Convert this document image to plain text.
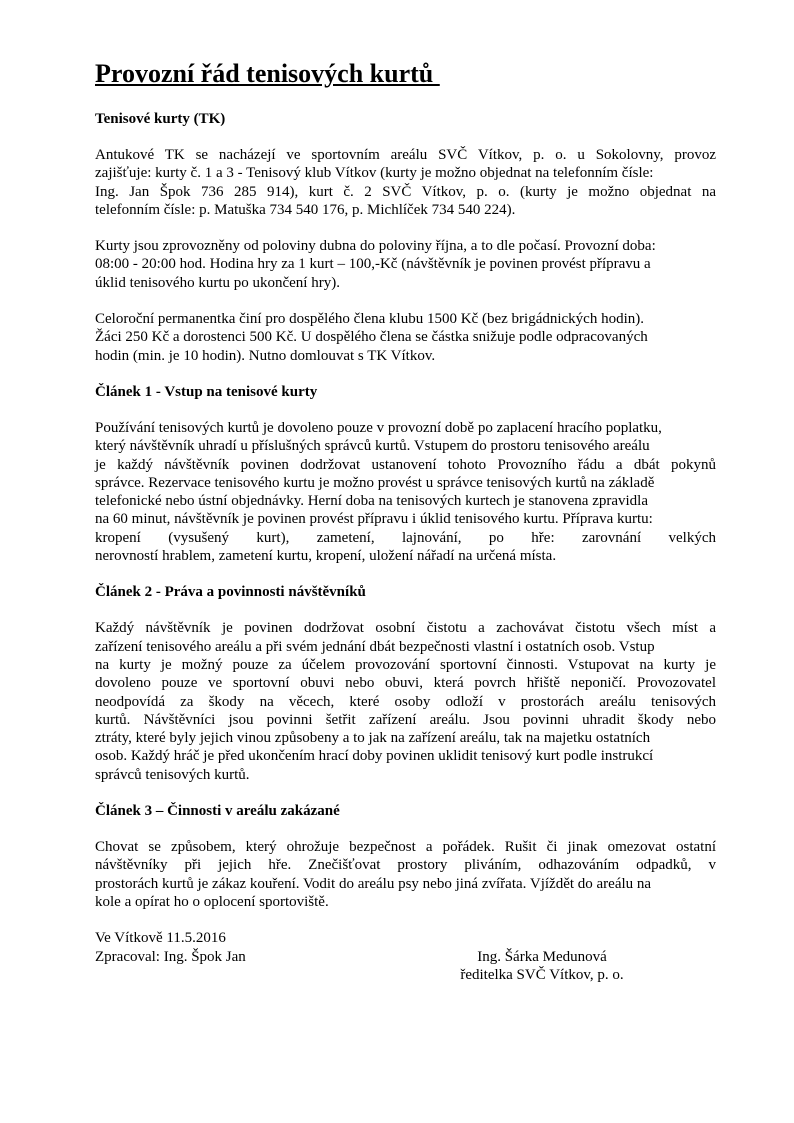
Provozní řád tenisových kurtů
Tenisové kurty (TK)
Antukové TK se nacházejí ve sportovním areálu SVČ Vítkov, p. o. u Sokolovny, provoz
zajišťuje: kurty č. 1 a 3 - Tenisový klub Vítkov (kurty je možno objednat na telefonním čísle:
Ing. Jan Špok 736 285 914), kurt č. 2 SVČ Vítkov, p. o. (kurty je možno objednat na
telefonním čísle: p. Matuška 734 540 176, p. Michlíček 734 540 224).
Kurty jsou zprovozněny od poloviny dubna do poloviny října, a to dle počasí. Provozní doba:
08:00 - 20:00 hod. Hodina hry za 1 kurt – 100,-Kč (návštěvník je povinen provést přípravu a
úklid tenisového kurtu po ukončení hry).
Celoroční permanentka činí pro dospělého člena klubu 1500 Kč (bez brigádnických hodin).
Žáci 250 Kč a dorostenci 500 Kč. U dospělého člena se částka snižuje podle odpracovaných
hodin (min. je 10 hodin). Nutno domlouvat s TK Vítkov.
Článek 1 - Vstup na tenisové kurty
Používání tenisových kurtů je dovoleno pouze v provozní době po zaplacení hracího poplatku,
který návštěvník uhradí u příslušných správců kurtů. Vstupem do prostoru tenisového areálu
je každý návštěvník povinen dodržovat ustanovení tohoto Provozního řádu a dbát pokynů
správce. Rezervace tenisového kurtu je možno provést u správce tenisových kurtů na základě
telefonické nebo ústní objednávky. Herní doba na tenisových kurtech je stanovena zpravidla
na 60 minut, návštěvník je povinen provést přípravu i úklid tenisového kurtu. Příprava kurtu:
kropení (vysušený kurt), zametení, lajnování, po hře: zarovnání velkých
nerovností hrablem, zametení kurtu, kropení, uložení nářadí na určená místa.
Článek 2 - Práva a povinnosti návštěvníků
Každý návštěvník je povinen dodržovat osobní čistotu a zachovávat čistotu všech míst a
zařízení tenisového areálu a při svém jednání dbát bezpečnosti vlastní i ostatních osob. Vstup
na kurty je možný pouze za účelem provozování sportovní činnosti. Vstupovat na kurty je
dovoleno pouze ve sportovní obuvi nebo obuvi, která povrch hřiště neponičí. Provozovatel
neodpovídá za škody na věcech, které osoby odloží v prostorách areálu tenisových
kurtů. Návštěvníci jsou povinni šetřit zařízení areálu. Jsou povinni uhradit škody nebo
ztráty, které byly jejich vinou způsobeny a to jak na zařízení areálu, tak na majetku ostatních
osob. Každý hráč je před ukončením hrací doby povinen uklidit tenisový kurt podle instrukcí
správců tenisových kurtů.
Článek 3 – Činnosti v areálu zakázané
Chovat se způsobem, který ohrožuje bezpečnost a pořádek. Rušit či jinak omezovat ostatní
návštěvníky při jejich hře. Znečišťovat prostory pliváním, odhazováním odpadků, v
prostorách kurtů je zákaz kouření. Vodit do areálu psy nebo jiná zvířata. Vjíždět do areálu na
kole a opírat ho o oplocení sportoviště.
Ve Vítkově 11.5.2016
Zpracoval: Ing. Špok Jan	Ing. Šárka Medunová
ředitelka SVČ Vítkov, p. o.
